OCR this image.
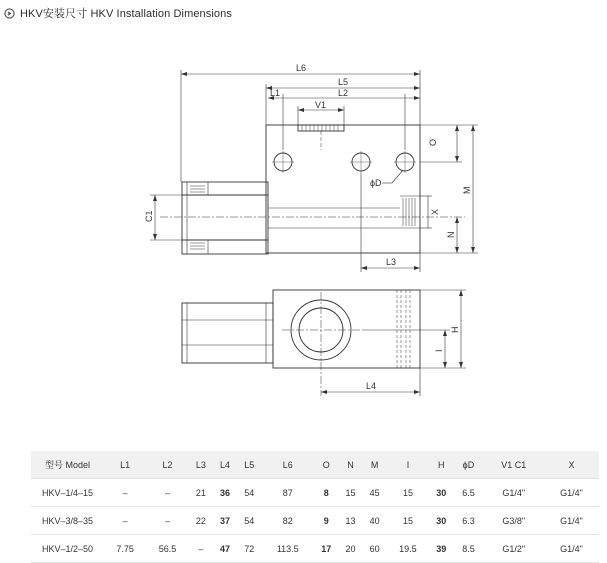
HKV安装尺寸 HKV Installation Dimensions
L6
L5
L1	L2
V1
ϕD
L3
L4
O
M
N
X
C1
H
I
型号 Model	L1	L2	L3	L4	L5	L6	O	N	M	I	H	ϕD	V1 C1	X
HKV–1/4–15	–	–	21	36	54	87	8	15	45	15	30	6.5	G1/4"	G1/4"
HKV–3/8–35	–	–	22	37	54	82	9	13	40	15	30	6.3	G3/8"	G1/4"
HKV–1/2–50	7.75	56.5	–	47	72	113.5	17	20	60	19.5	39	8.5	G1/2"	G1/4"
